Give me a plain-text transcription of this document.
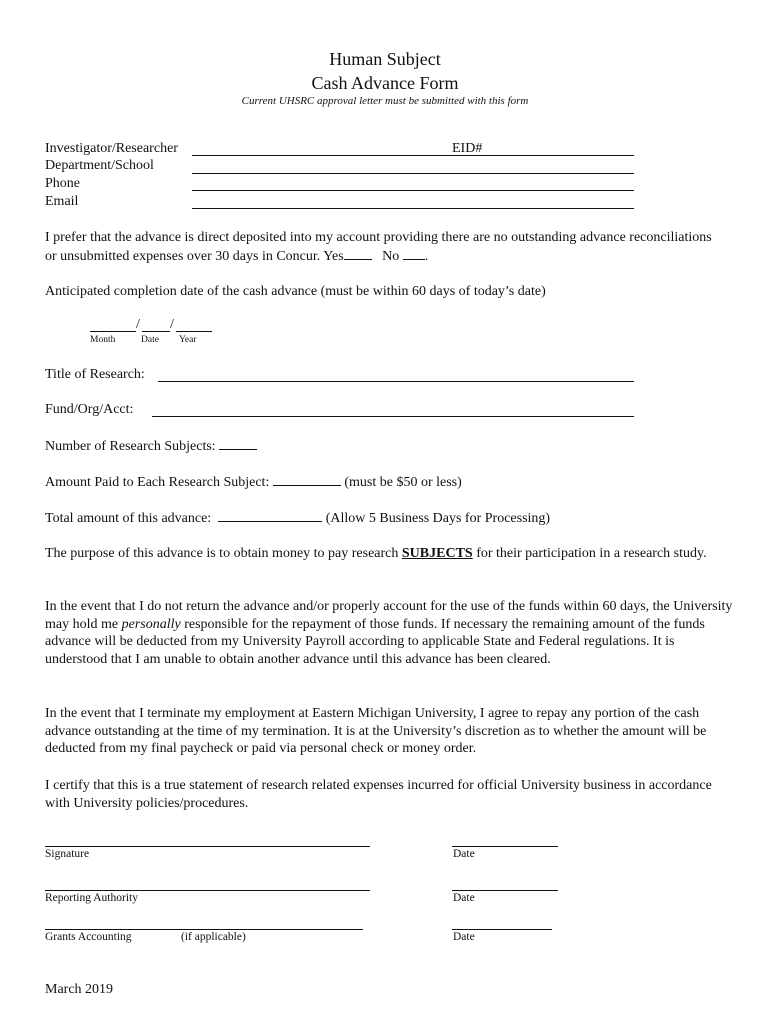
Human Subject
Cash Advance Form
Current UHSRC approval letter must be submitted with this form
Investigator/Researcher	EID#
Department/School
Phone
Email
I prefer that the advance is direct deposited into my account providing there are no outstanding advance reconciliations or unsubmitted expenses over 30 days in Concur. Yes	No .
Anticipated completion date of the cash advance (must be within 60 days of today’s date)
/ /
Month	Date Year
Title of Research:
Fund/Org/Acct:
Number of Research Subjects:
Amount Paid to Each Research Subject:	(must be $50 or less)
Total amount of this advance:	(Allow 5 Business Days for Processing)
The purpose of this advance is to obtain money to pay research SUBJECTS for their participation in a research study.
In the event that I do not return the advance and/or properly account for the use of the funds within 60 days, the University may hold me personally responsible for the repayment of those funds. If necessary the remaining amount of the funds advance will be deducted from my University Payroll according to applicable State and Federal regulations. It is understood that I am unable to obtain another advance until this advance has been cleared.
In the event that I terminate my employment at Eastern Michigan University, I agree to repay any portion of the cash advance outstanding at the time of my termination. It is at the University’s discretion as to whether the amount will be deducted from my final paycheck or paid via personal check or money order.
I certify that this is a true statement of research related expenses incurred for official University business in accordance with University policies/procedures.
Signature	Date
Reporting Authority	Date
Grants Accounting	(if applicable)	Date
March 2019
